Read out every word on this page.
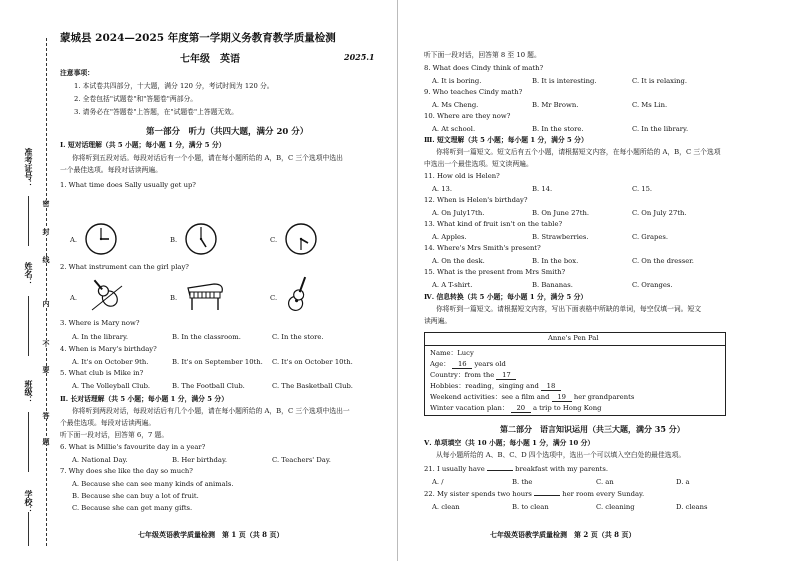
准考证号：
姓名：
班级：
学校：
密
封
线
内
不
要
答
题
蒙城县 2024—2025 年度第一学期义务教育教学质量检测
七年级　英语	2025.1
注意事项：
1. 本试卷共四部分，十大题，满分 120 分，考试时间为 120 分。
2. 全卷包括"试题卷"和"答题卷"两部分。
3. 请务必在"答题卷"上答题，在"试题卷"上答题无效。
第一部分　听力（共四大题，满分 20 分）
Ⅰ. 短对话理解（共 5 小题；每小题 1 分，满分 5 分）
你将听到五段对话。每段对话后有一个小题，请在每小题所给的 A，B，C 三个选项中选出
一个最佳选项。每段对话读两遍。
1. What time does Sally usually get up?
A.	B.	C.
2. What instrument can the girl play?
A.	B.	C.
3. Where is Mary now?
A. In the library.	B. In the classroom.	C. In the store.
4. When is Mary's birthday?
A. It's on October 9th.	B. It's on September 10th. C. It's on October 10th.
5. What club is Mike in?
A. The Volleyball Club.	B. The Football Club.	C. The Basketball Club.
Ⅱ. 长对话理解（共 5 小题；每小题 1 分，满分 5 分）
你将听到两段对话，每段对话后有几个小题，请在每小题所给的 A，B，C 三个选项中选出一
个最佳选项。每段对话读两遍。
听下面一段对话，回答第 6，7 题。
6. What is Millie's favourite day in a year?
A. National Day.	B. Her birthday.	C. Teachers' Day.
7. Why does she like the day so much?
A. Because she can see many kinds of animals.
B. Because she can buy a lot of fruit.
C. Because she can get many gifts.
七年级英语教学质量检测　第 1 页（共 8 页）
听下面一段对话，回答第 8 至 10 题。
8. What does Cindy think of math?
A. It is boring.	B. It is interesting.	C. It is relaxing.
9. Who teaches Cindy math?
A. Ms Cheng.	B. Mr Brown.	C. Ms Lin.
10. Where are they now?
A. At school.	B. In the store.	C. In the library.
Ⅲ. 短文理解（共 5 小题；每小题 1 分，满分 5 分）
你将听到一篇短文。短文后有五个小题，请根据短文内容，在每小题所给的 A，B，C 三个选项
中选出一个最佳选项。短文读两遍。
11. How old is Helen?
A. 13.	B. 14.	C. 15.
12. When is Helen's birthday?
A. On July17th.	B. On June 27th.	C. On July 27th.
13. What kind of fruit isn't on the table?
A. Apples.	B. Strawberries.	C. Grapes.
14. Where's Mrs Smith's present?
A. On the desk.	B. In the box.	C. On the dresser.
15. What is the present from Mrs Smith?
A. A T-shirt.	B. Bananas.	C. Oranges.
Ⅳ. 信息转换（共 5 小题；每小题 1 分，满分 5 分）
你将听到一篇短文。请根据短文内容，写出下面表格中所缺的单词，每空仅填一词。短文
读两遍。
Anne's Pen Pal
Name：Lucy
Age： 16 years old
Country：from the 17
Hobbies：reading，singing and 18
Weekend activities：see a film and 19 her grandparents
Winter vacation plan： 20 a trip to Hong Kong
第二部分　语言知识运用（共三大题，满分 35 分）
Ⅴ. 单项填空（共 10 小题；每小题 1 分，满分 10 分）
从每小题所给的 A、B、C、D 四个选项中，选出一个可以填入空白处的最佳选项。
21. I usually have	breakfast with my parents.
A. /	B. the	C. an	D. a
22. My sister spends two hours	her room every Sunday.
A. clean	B. to clean	C. cleaning	D. cleans
七年级英语教学质量检测　第 2 页（共 8 页）
